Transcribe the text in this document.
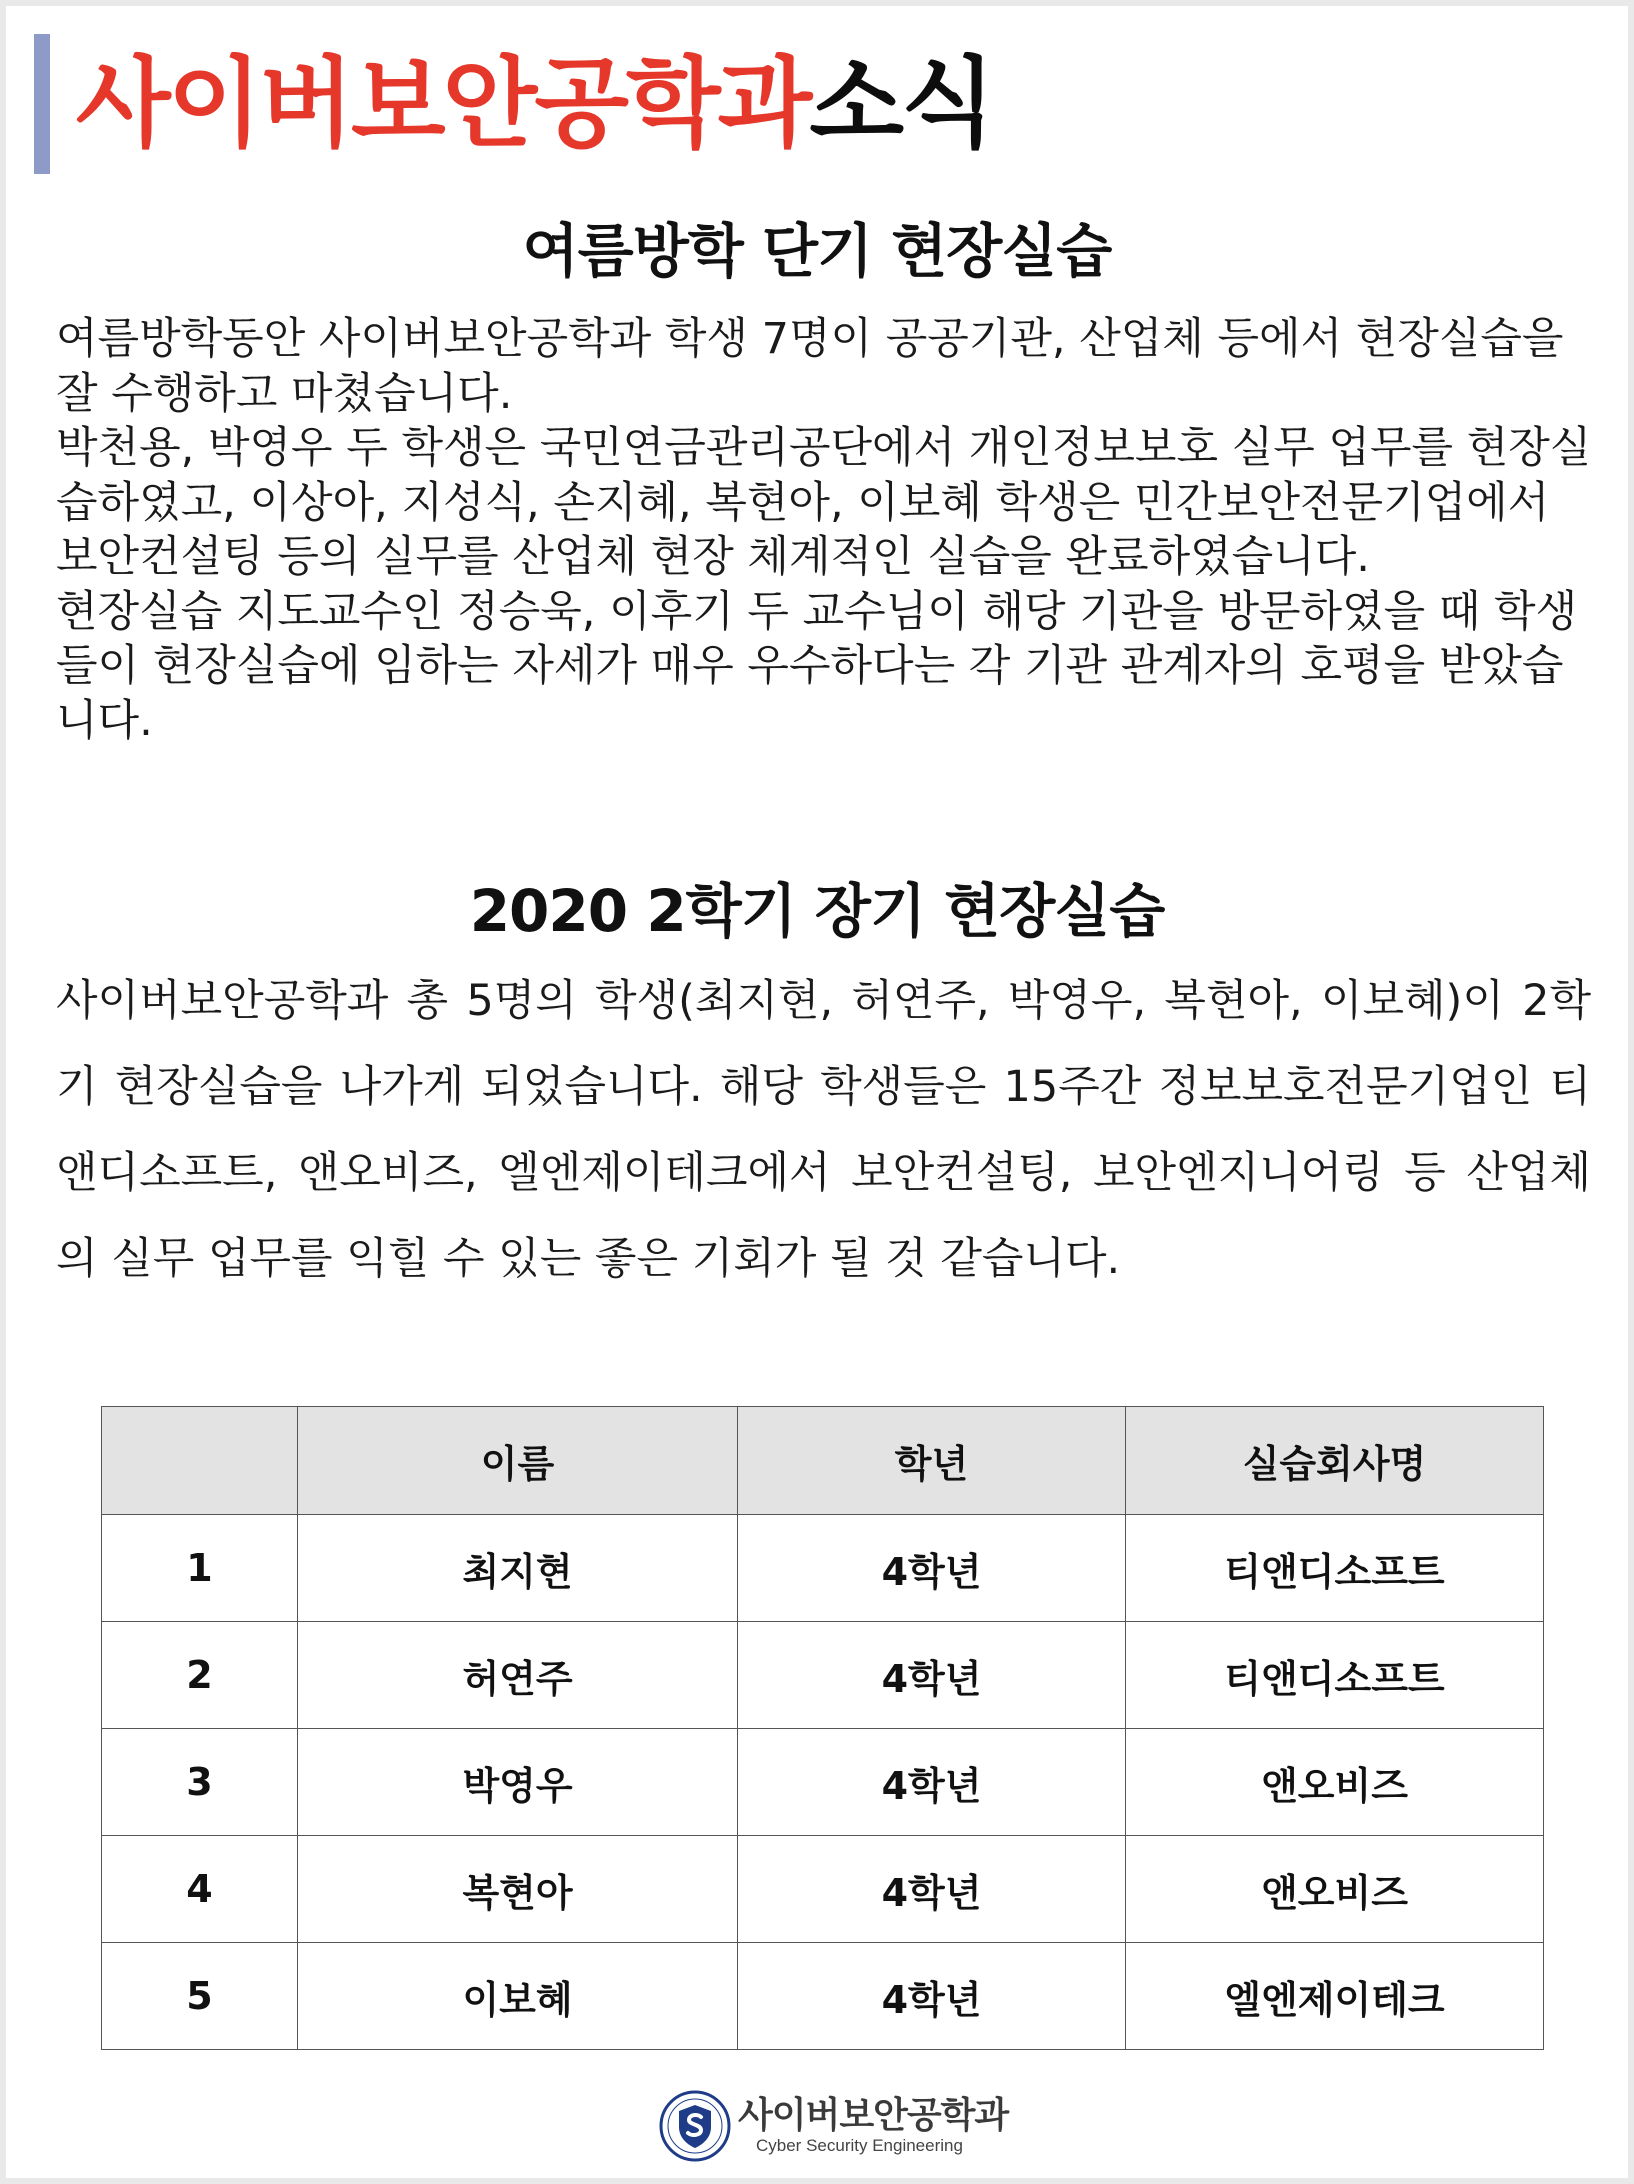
사이버보안공학과소식
여름방학 단기 현장실습

여름방학동안 사이버보안공학과 학생 7명이 공공기관, 산업체 등에서 현장실습을 잘 수행하고 마쳤습니다.

박천용, 박영우 두 학생은 국민연금관리공단에서 개인정보보호 실무 업무를 현장실습하였고, 이상아, 지성식, 손지혜, 복현아, 이보혜 학생은 민간보안전문기업에서 보안컨설팅 등의 실무를 산업체 현장 체계적인 실습을 완료하였습니다.

현장실습 지도교수인 정승욱, 이후기 두 교수님이 해당 기관을 방문하였을 때 학생들이 현장실습에 임하는 자세가 매우 우수하다는 각 기관 관계자의 호평을 받았습니다.

2020 2학기 장기 현장실습
사이버보안공학과 총 5명의 학생(최지현, 허연주, 박영우, 복현아, 이보혜)이 2학기 현장실습을 나가게 되었습니다. 해당 학생들은 15주간 정보보호전문기업인 티앤디소프트, 앤오비즈, 엘엔제이테크에서 보안컨설팅, 보안엔지니어링 등 산업체의 실무 업무를 익힐 수 있는 좋은 기회가 될 것 같습니다.
	이름	학년	실습회사명
1	최지현	4학년	티앤디소프트
2	허연주	4학년	티앤디소프트
3	박영우	4학년	앤오비즈
4	복현아	4학년	앤오비즈
5	이보혜	4학년	엘엔제이테크
사이버보안공학과
Cyber Security Engineering
